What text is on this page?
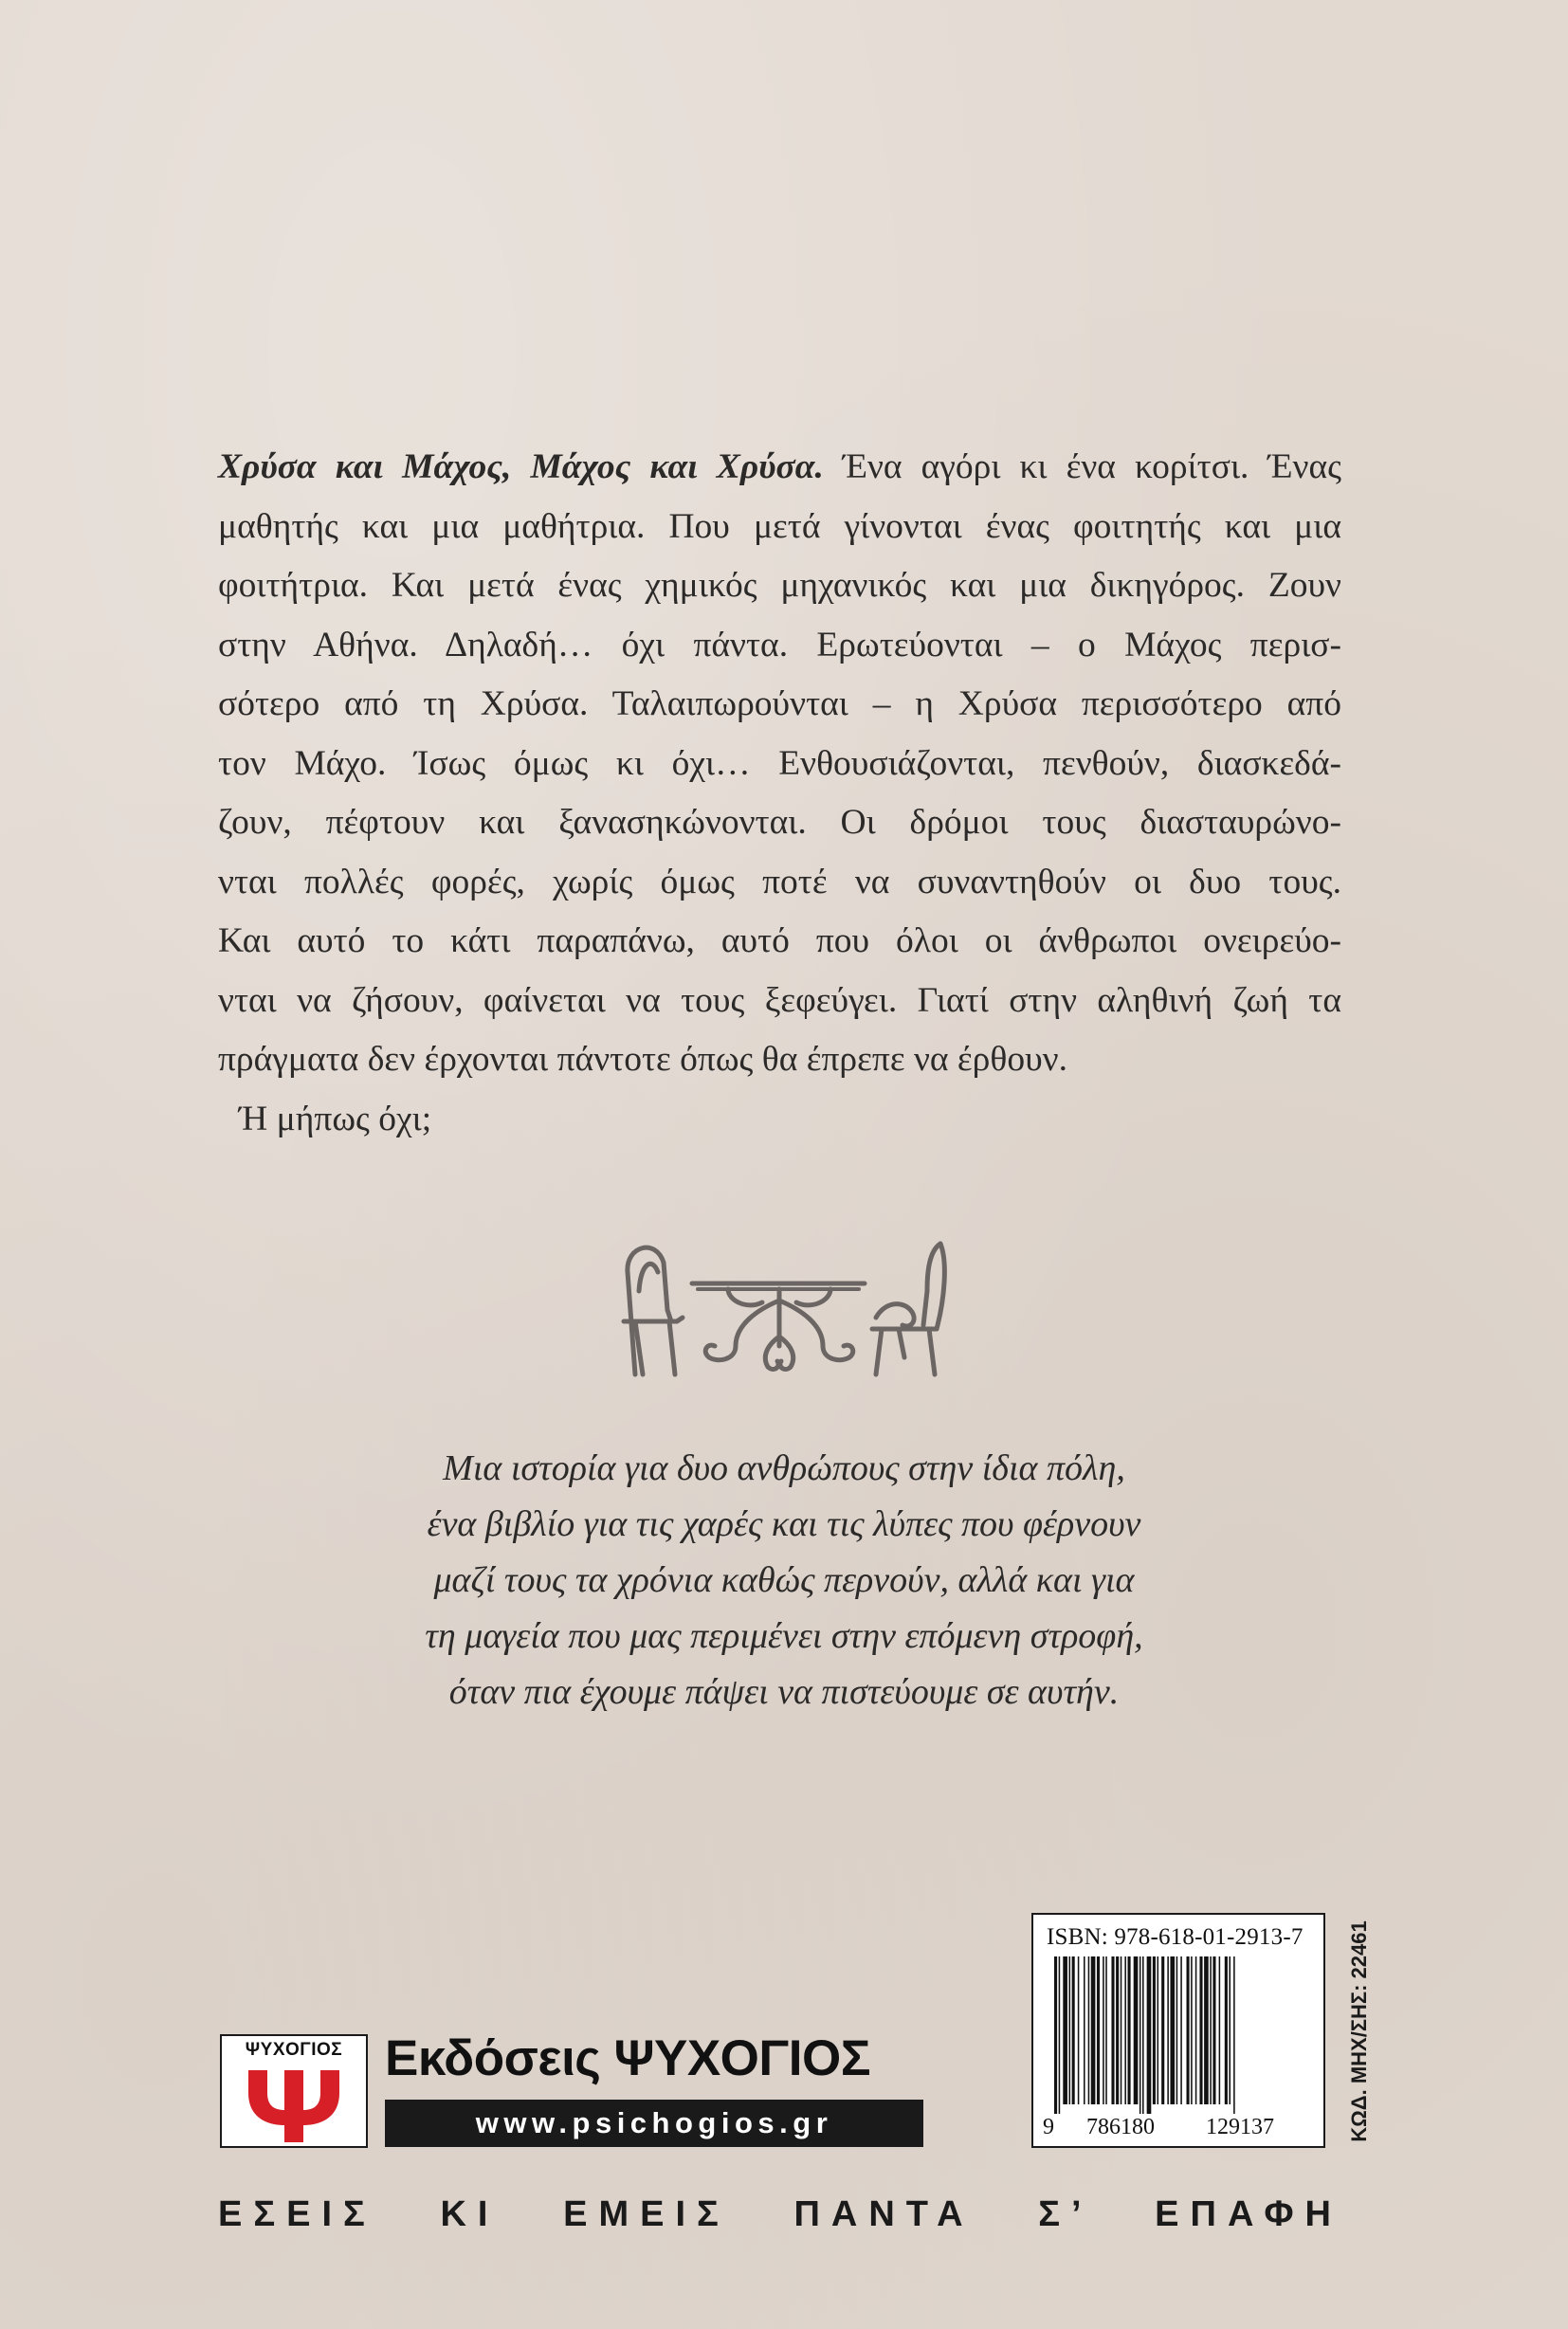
Χρύσα και Μάχος, Μάχος και Χρύσα. Ένα αγόρι κι ένα κορίτσι. Ένας
μαθητής και μια μαθήτρια. Που μετά γίνονται ένας φοιτητής και μια
φοιτήτρια. Και μετά ένας χημικός μηχανικός και μια δικηγόρος. Ζουν
στην Αθήνα. Δηλαδή… όχι πάντα. Ερωτεύονται – ο Μάχος περισ-
σότερο από τη Χρύσα. Ταλαιπωρούνται – η Χρύσα περισσότερο από
τον Μάχο. Ίσως όμως κι όχι… Ενθουσιάζονται, πενθούν, διασκεδά-
ζουν, πέφτουν και ξανασηκώνονται. Οι δρόμοι τους διασταυρώνο-
νται πολλές φορές, χωρίς όμως ποτέ να συναντηθούν οι δυο τους.
Και αυτό το κάτι παραπάνω, αυτό που όλοι οι άνθρωποι ονειρεύο-
νται να ζήσουν, φαίνεται να τους ξεφεύγει. Γιατί στην αληθινή ζωή τα
πράγματα δεν έρχονται πάντοτε όπως θα έπρεπε να έρθουν.
Ή μήπως όχι;
Μια ιστορία για δυο ανθρώπους στην ίδια πόλη,
ένα βιβλίο για τις χαρές και τις λύπες που φέρνουν
μαζί τους τα χρόνια καθώς περνούν, αλλά και για
τη μαγεία που μας περιμένει στην επόμενη στροφή,
όταν πια έχουμε πάψει να πιστεύουμε σε αυτήν.
ISBN: 978-618-01-2913-7
9 786180 129137	ΚΩΔ. ΜΗΧ/ΣΗΣ: 22461
ΨΥΧΟΓΙΟΣ Εκδόσεις ΨΥΧΟΓΙΟΣ
www.psichogios.gr
ΕΣΕΙΣ ΚΙ ΕΜΕΙΣ ΠΑΝΤΑ Σ’ ΕΠΑΦΗ
